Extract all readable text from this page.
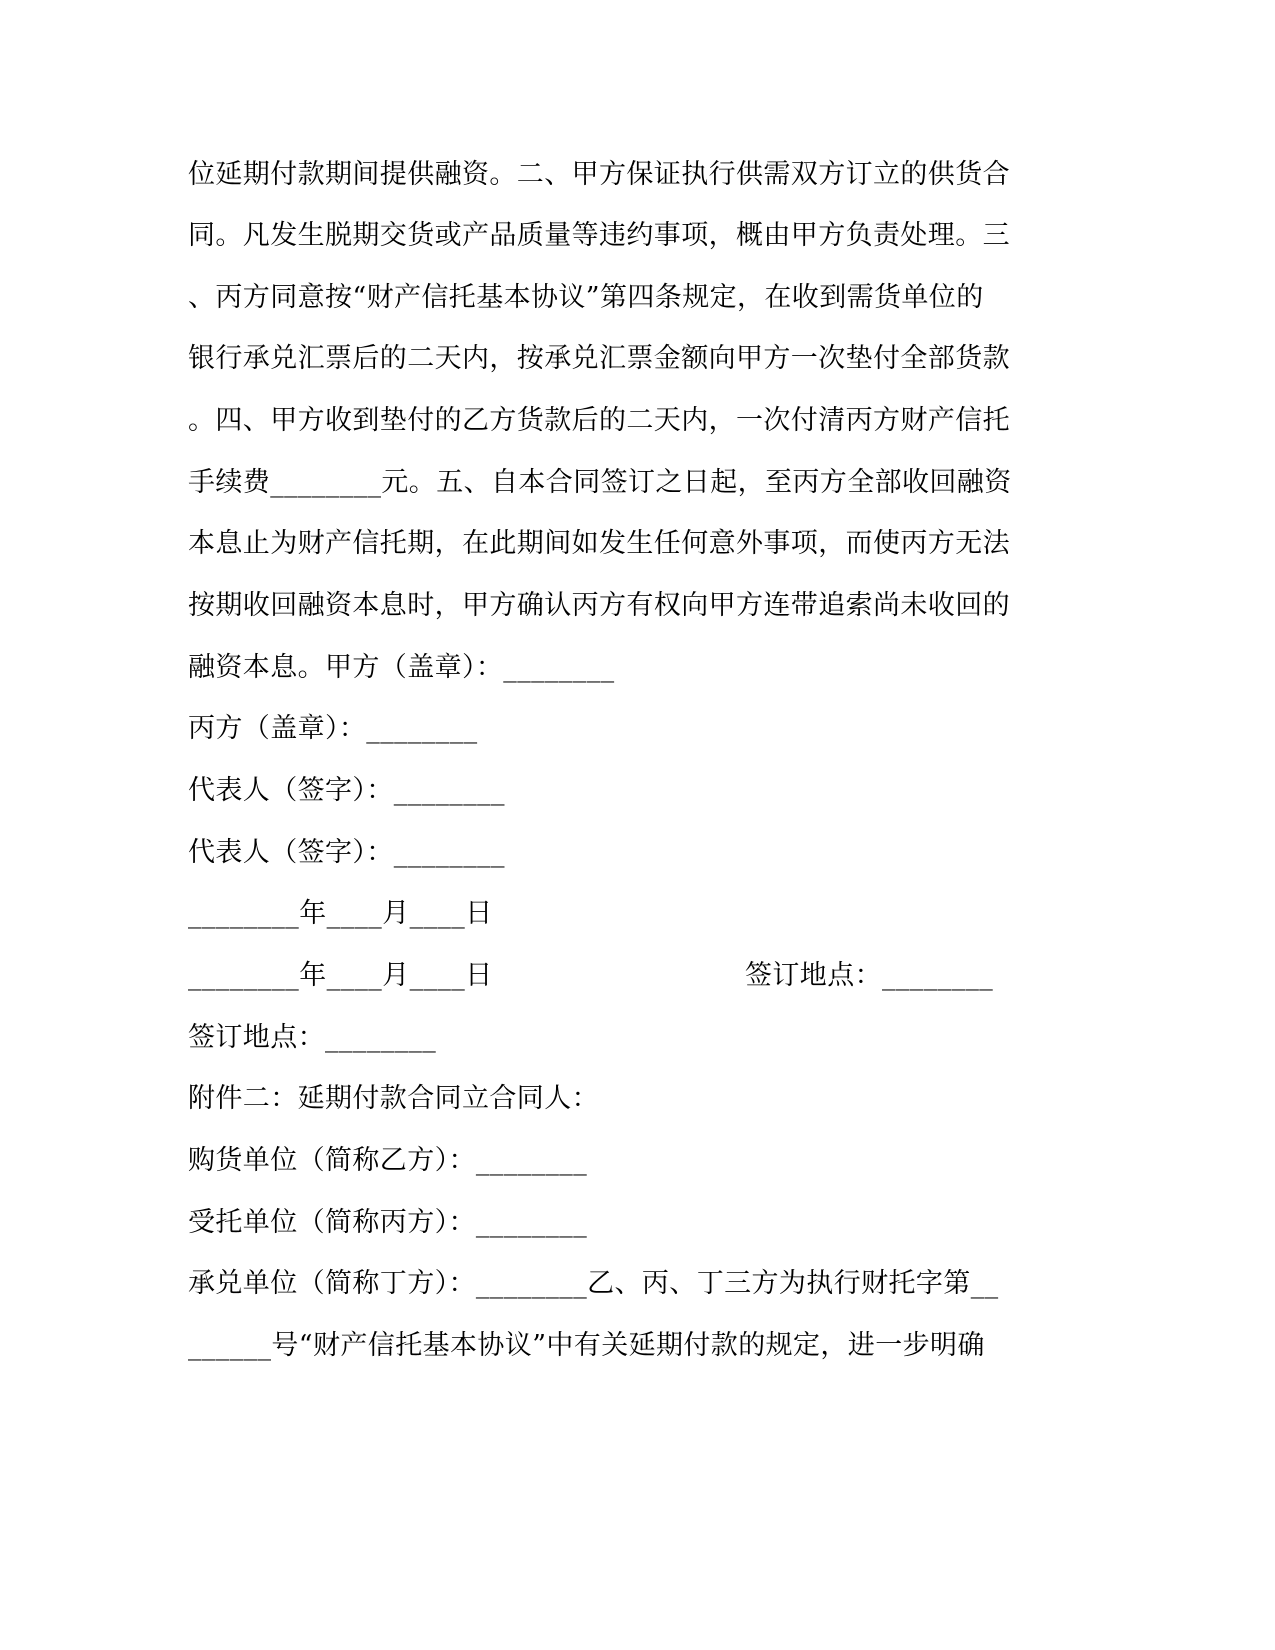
位延期付款期间提供融资。二、甲方保证执行供需双方订立的供货合
同。凡发生脱期交货或产品质量等违约事项，概由甲方负责处理。三
、丙方同意按“财产信托基本协议”第四条规定，在收到需货单位的
银行承兑汇票后的二天内，按承兑汇票金额向甲方一次垫付全部货款
。四、甲方收到垫付的乙方货款后的二天内，一次付清丙方财产信托
手续费________元。五、自本合同签订之日起，至丙方全部收回融资
本息止为财产信托期，在此期间如发生任何意外事项，而使丙方无法
按期收回融资本息时，甲方确认丙方有权向甲方连带追索尚未收回的
融资本息。甲方（盖章）：________
丙方（盖章）：________
代表人（签字）：________
代表人（签字）：________
________年____月____日
________年____月____日	签订地点：________
签订地点：________
附件二：延期付款合同立合同人：
购货单位（简称乙方）：________
受托单位（简称丙方）：________
承兑单位（简称丁方）：________乙、丙、丁三方为执行财托字第__
______号“财产信托基本协议”中有关延期付款的规定，进一步明确
